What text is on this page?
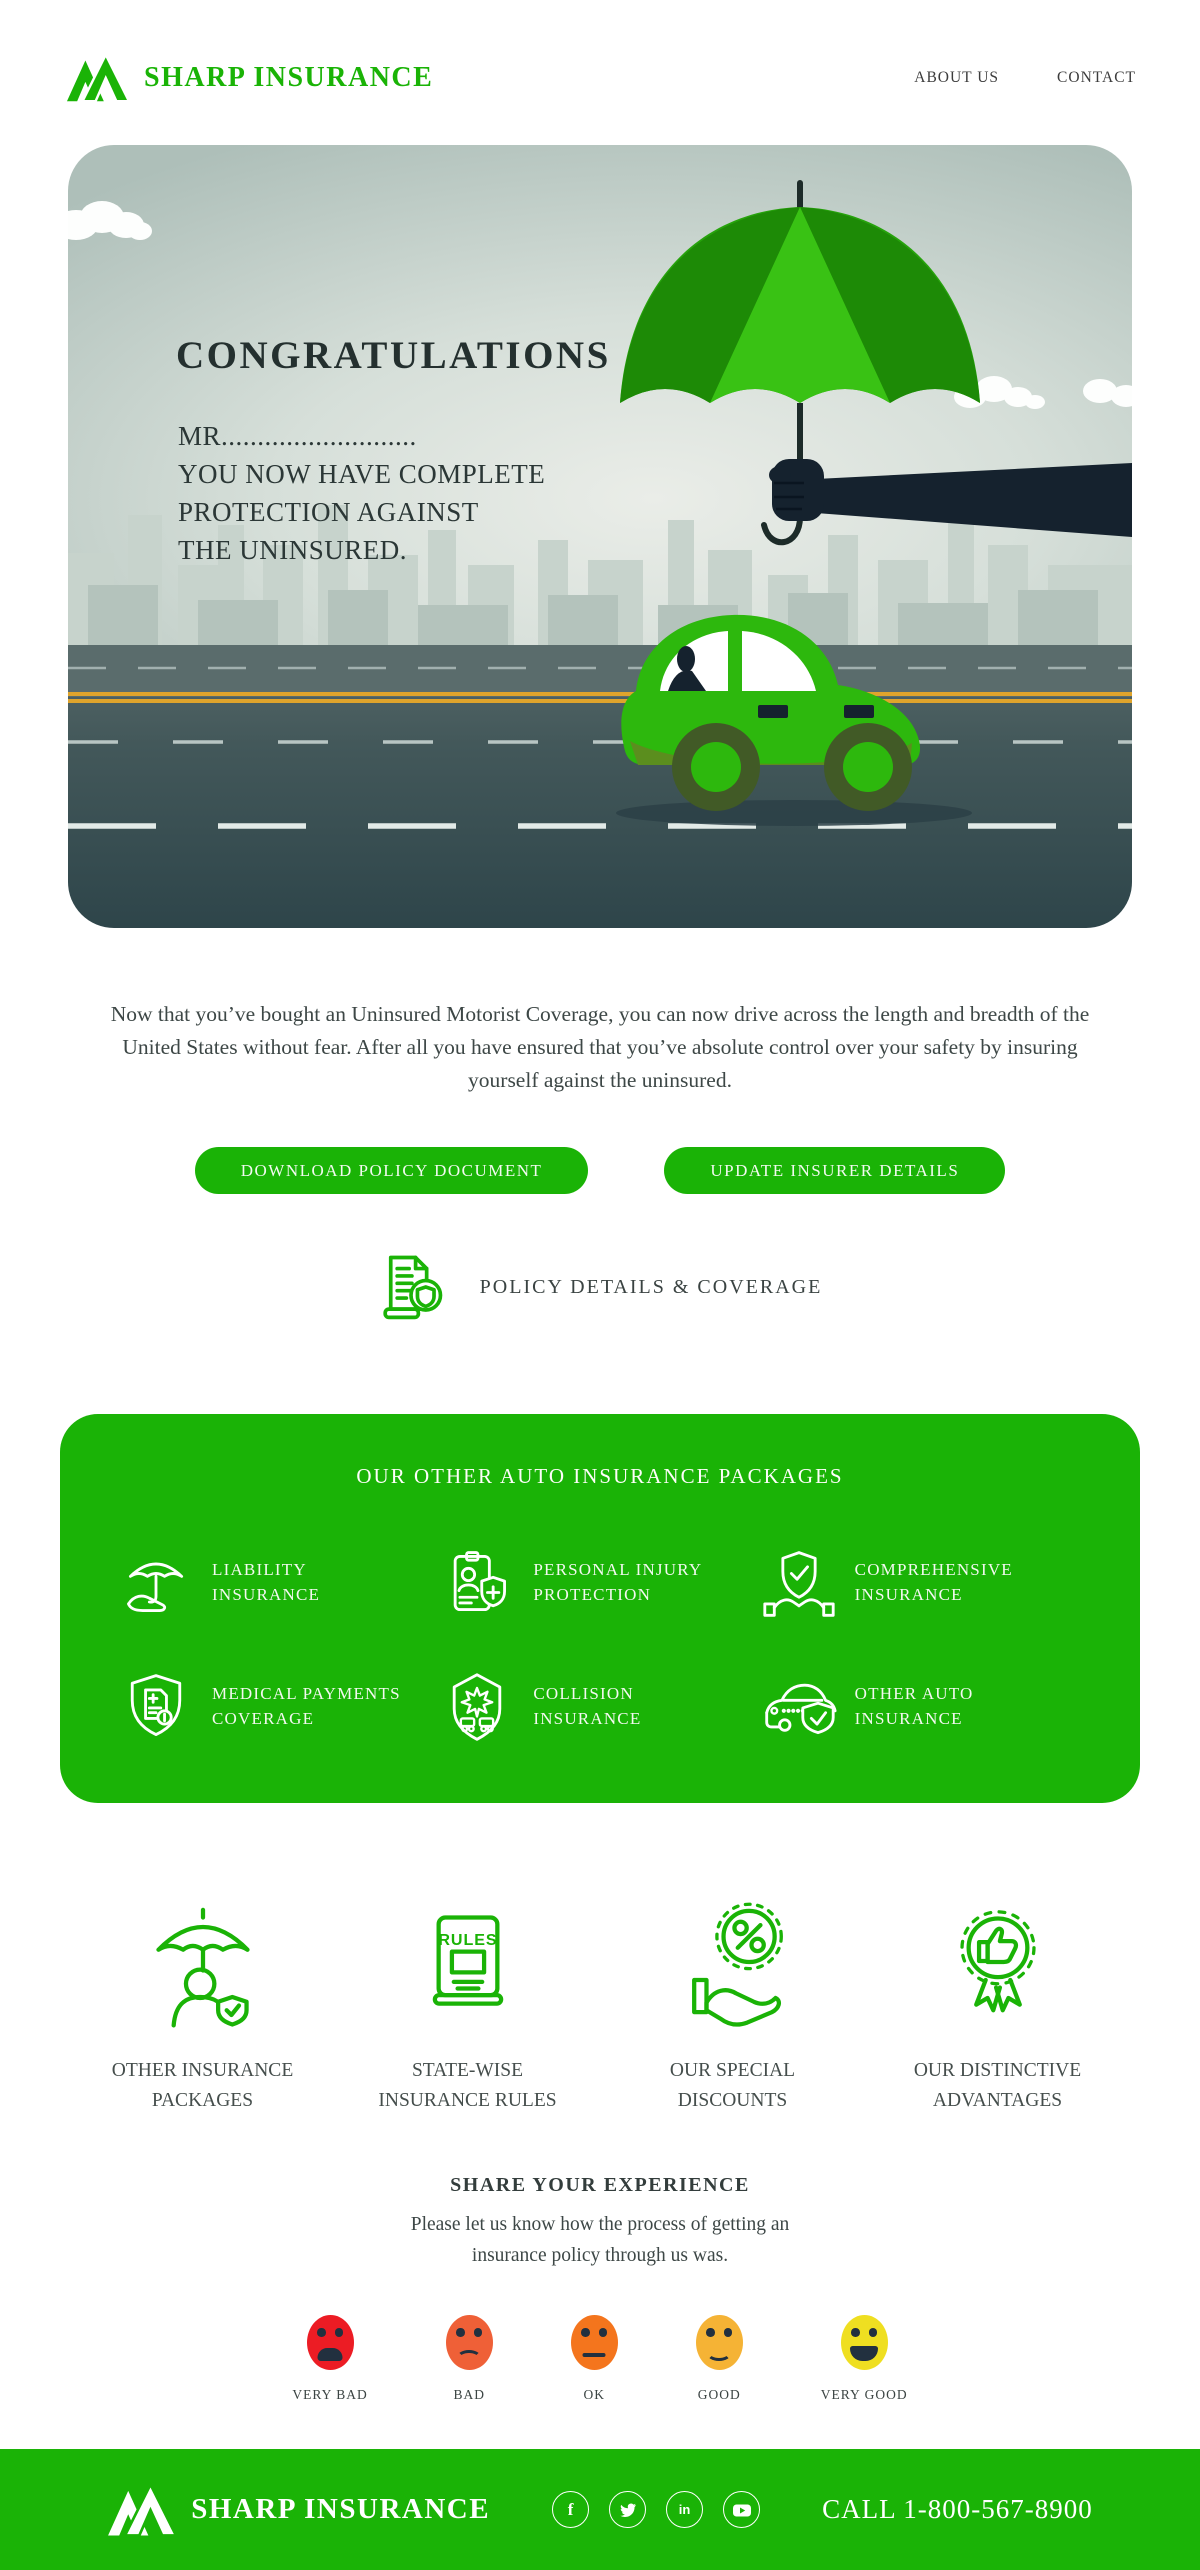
SHARP INSURANCE	ABOUT US	CONTACT
CONGRATULATIONS
MR...........................
YOU NOW HAVE COMPLETE
PROTECTION AGAINST
THE UNINSURED.

Now that you’ve bought an Uninsured Motorist Coverage, you can now drive across the length and breadth of the United States without fear. After all you have ensured that you’ve absolute control over your safety by insuring yourself against the uninsured.

DOWNLOAD POLICY DOCUMENT	UPDATE INSURER DETAILS
POLICY DETAILS & COVERAGE
OUR OTHER AUTO INSURANCE PACKAGES
LIABILITY
INSURANCE
PERSONAL INJURY
PROTECTION
COMPREHENSIVE
INSURANCE
MEDICAL PAYMENTS
COVERAGE
COLLISION
INSURANCE
OTHER AUTO
INSURANCE
OTHER INSURANCE
PACKAGES
RULES
STATE-WISE
INSURANCE RULES
OUR SPECIAL
DISCOUNTS
OUR DISTINCTIVE
ADVANTAGES
SHARE YOUR EXPERIENCE
Please let us know how the process of getting an
insurance policy through us was.
VERY BAD	BAD	OK	GOOD	VERY GOOD
SHARP INSURANCE	f	in	CALL 1-800-567-8900
